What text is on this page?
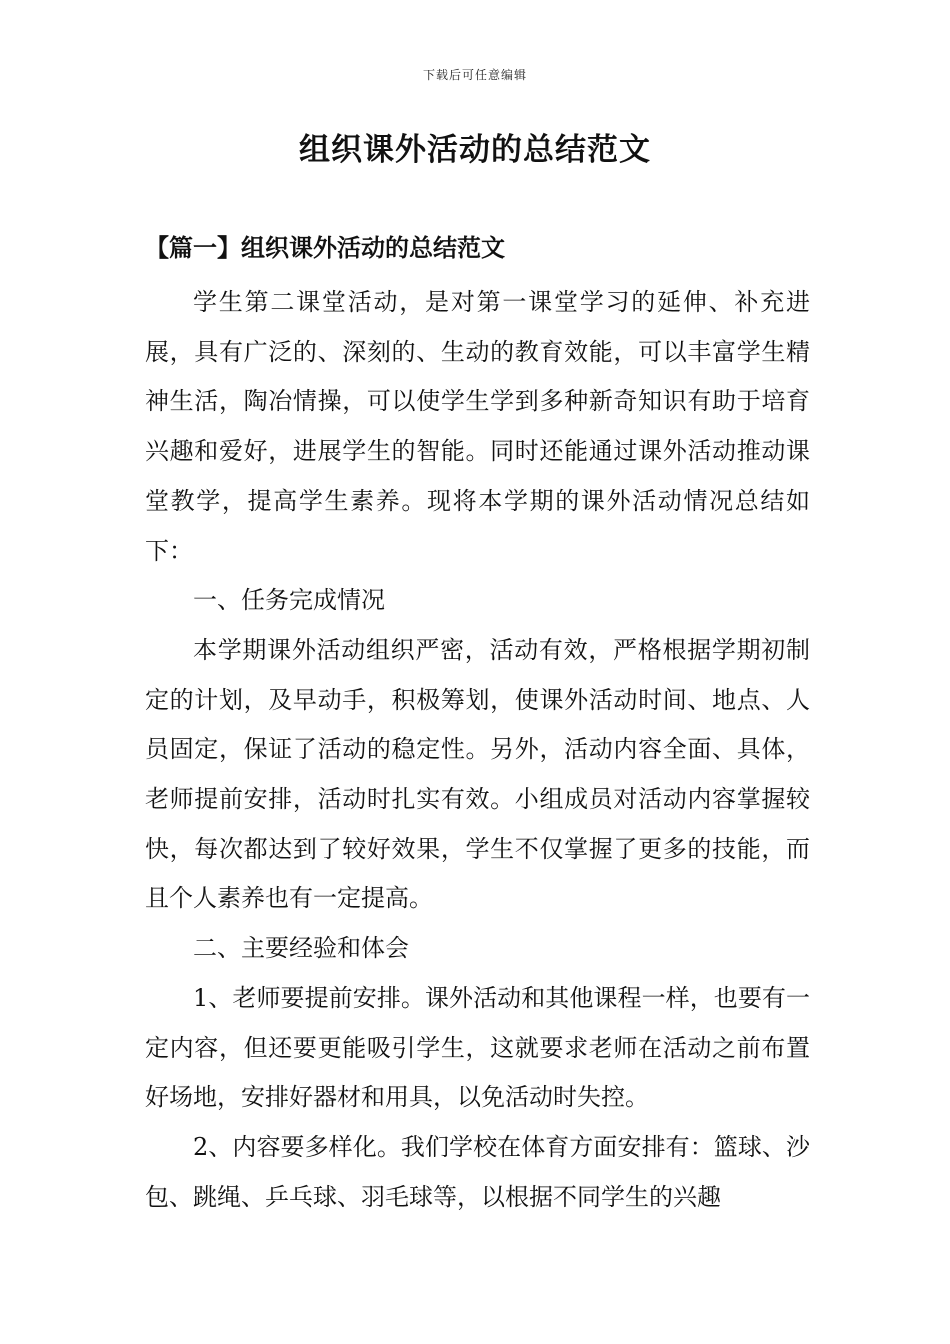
下载后可任意编辑
组织课外活动的总结范文
【篇一】组织课外活动的总结范文

学生第二课堂活动，是对第一课堂学习的延伸、补充进展，具有广泛的、深刻的、生动的教育效能，可以丰富学生精神生活，陶冶情操，可以使学生学到多种新奇知识有助于培育兴趣和爱好，进展学生的智能。同时还能通过课外活动推动课堂教学，提高学生素养。现将本学期的课外活动情况总结如下：

一、任务完成情况

本学期课外活动组织严密，活动有效，严格根据学期初制定的计划，及早动手，积极筹划，使课外活动时间、地点、人员固定，保证了活动的稳定性。另外，活动内容全面、具体，老师提前安排，活动时扎实有效。小组成员对活动内容掌握较快，每次都达到了较好效果，学生不仅掌握了更多的技能，而且个人素养也有一定提高。

二、主要经验和体会

1、老师要提前安排。课外活动和其他课程一样，也要有一定内容，但还要更能吸引学生，这就要求老师在活动之前布置好场地，安排好器材和用具，以免活动时失控。

2、内容要多样化。我们学校在体育方面安排有：篮球、沙包、跳绳、乒乓球、羽毛球等，以根据不同学生的兴趣
